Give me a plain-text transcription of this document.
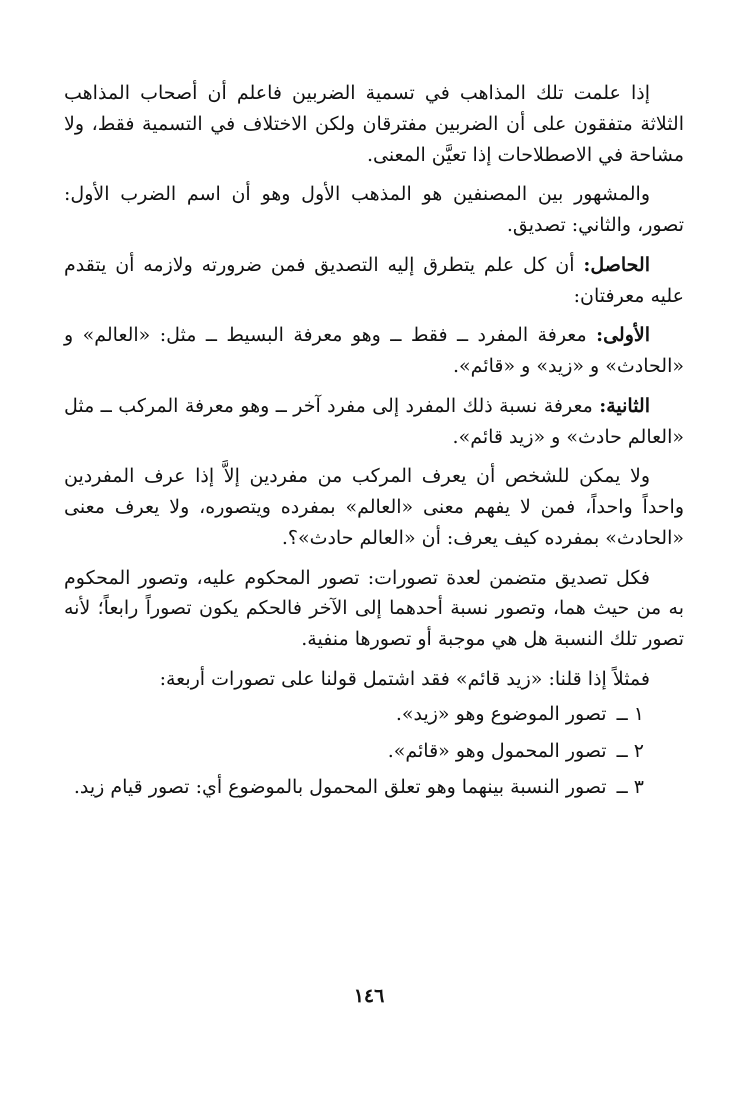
إذا علمت تلك المذاهب في تسمية الضربين فاعلم أن أصحاب المذاهب الثلاثة متفقون على أن الضربين مفترقان ولكن الاختلاف في التسمية فقط، ولا مشاحة في الاصطلاحات إذا تعيَّن المعنى.

والمشهور بين المصنفين هو المذهب الأول وهو أن اسم الضرب الأول: تصور، والثاني: تصديق.

الحاصل: أن كل علم يتطرق إليه التصديق فمن ضرورته ولازمه أن يتقدم عليه معرفتان:

الأولى: معرفة المفرد ــ فقط ــ وهو معرفة البسيط ــ مثل: «العالم» و «الحادث» و «زيد» و «قائم».

الثانية: معرفة نسبة ذلك المفرد إلى مفرد آخر ــ وهو معرفة المركب ــ مثل «العالم حادث» و «زيد قائم».

ولا يمكن للشخص أن يعرف المركب من مفردين إلاَّ إذا عرف المفردين واحداً واحداً، فمن لا يفهم معنى «العالم» بمفرده ويتصوره، ولا يعرف معنى «الحادث» بمفرده كيف يعرف: أن «العالم حادث»؟.

فكل تصديق متضمن لعدة تصورات: تصور المحكوم عليه، وتصور المحكوم به من حيث هما، وتصور نسبة أحدهما إلى الآخر فالحكم يكون تصوراً رابعاً؛ لأنه تصور تلك النسبة هل هي موجبة أو تصورها منفية.

فمثلاً إذا قلنا: «زيد قائم» فقد اشتمل قولنا على تصورات أربعة:

١ ــتصور الموضوع وهو «زيد».
٢ ــتصور المحمول وهو «قائم».
٣ ــتصور النسبة بينهما وهو تعلق المحمول بالموضوع أي: تصور قيام زيد.
١٤٦
